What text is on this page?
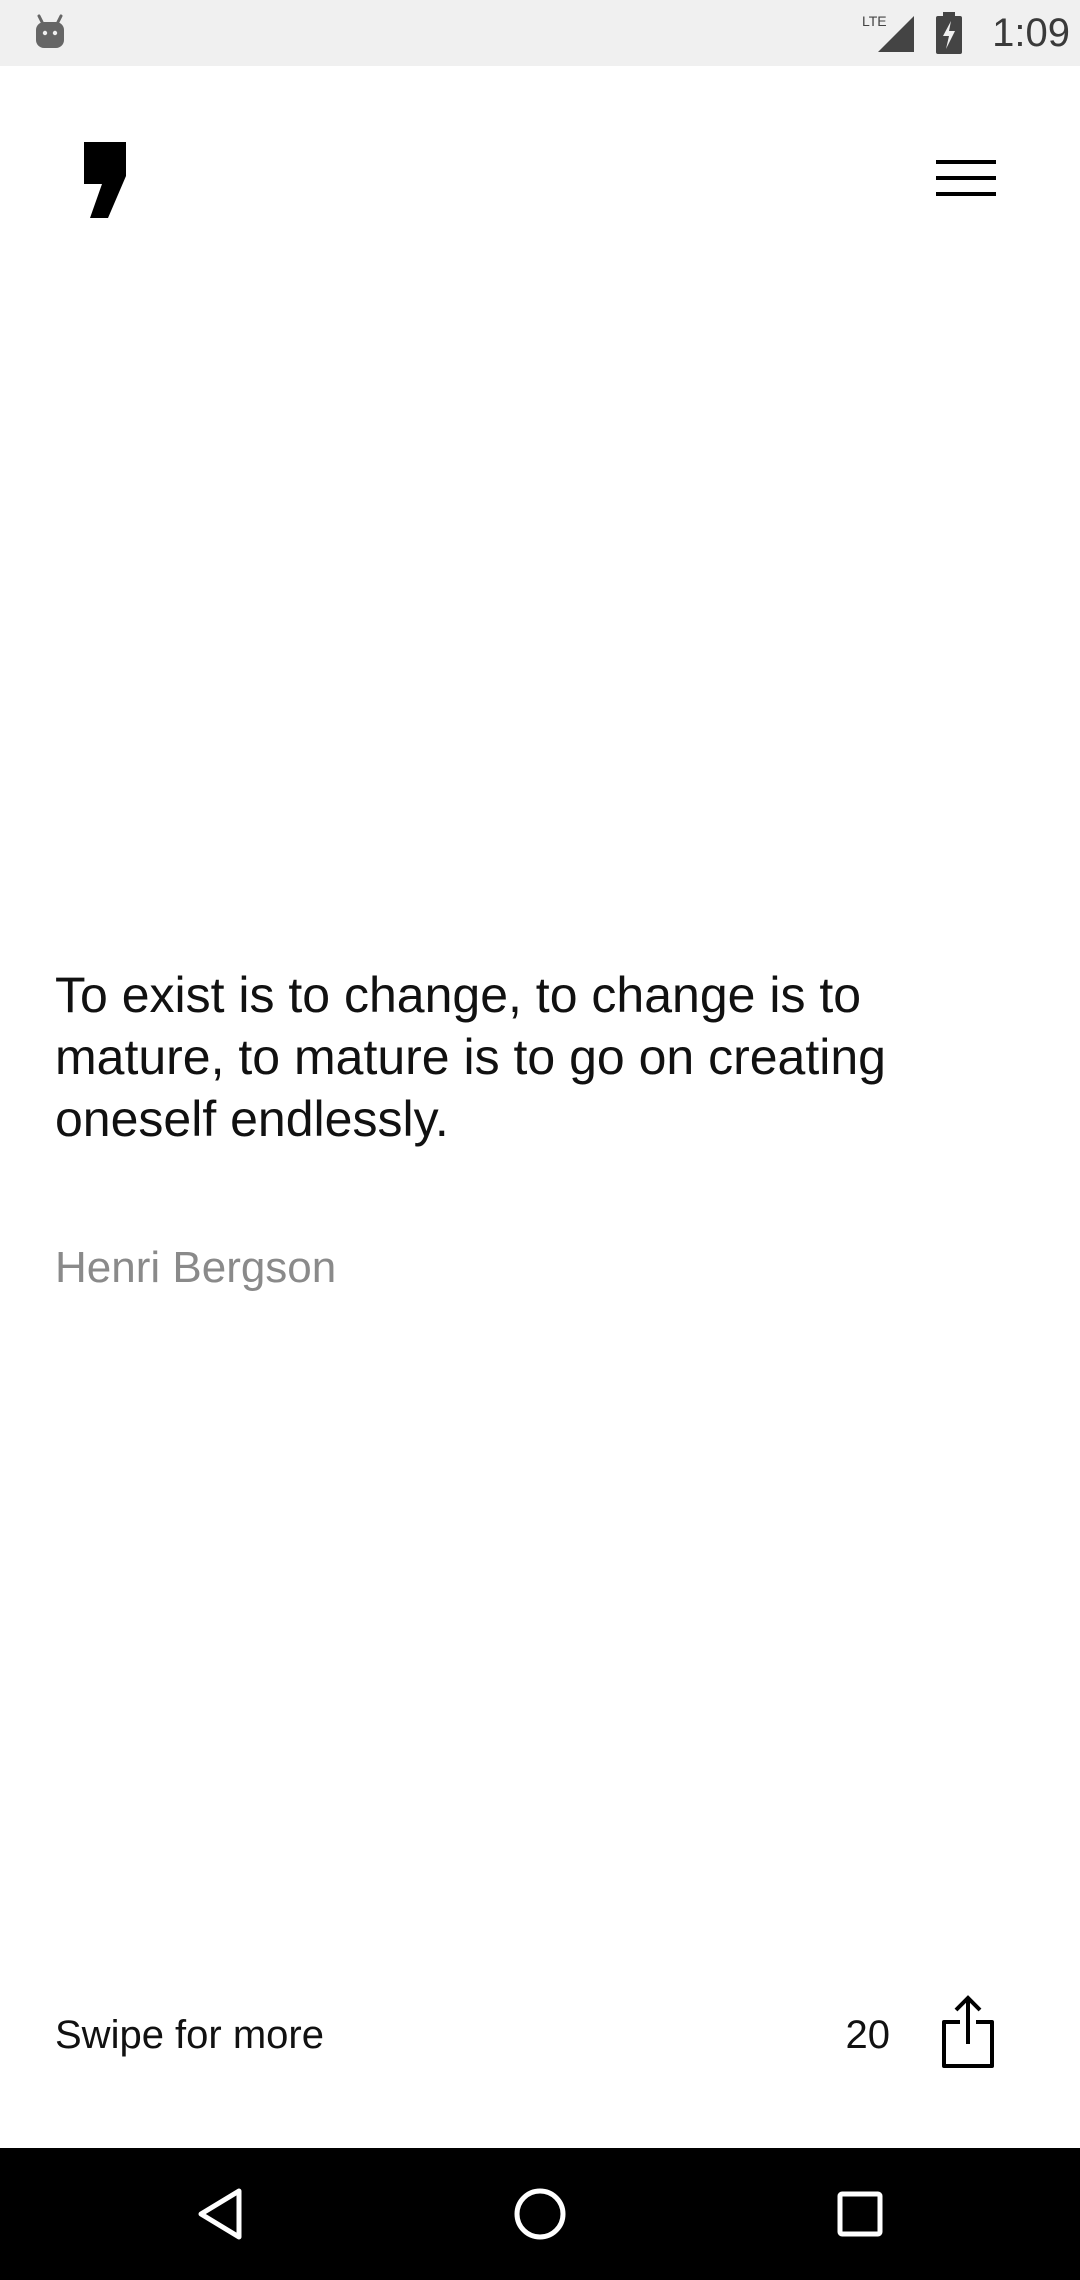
LTE	1:09

To exist is to change, to change is to mature, to mature is to go on creating oneself endlessly.

Henri Bergson
Swipe for more	20
